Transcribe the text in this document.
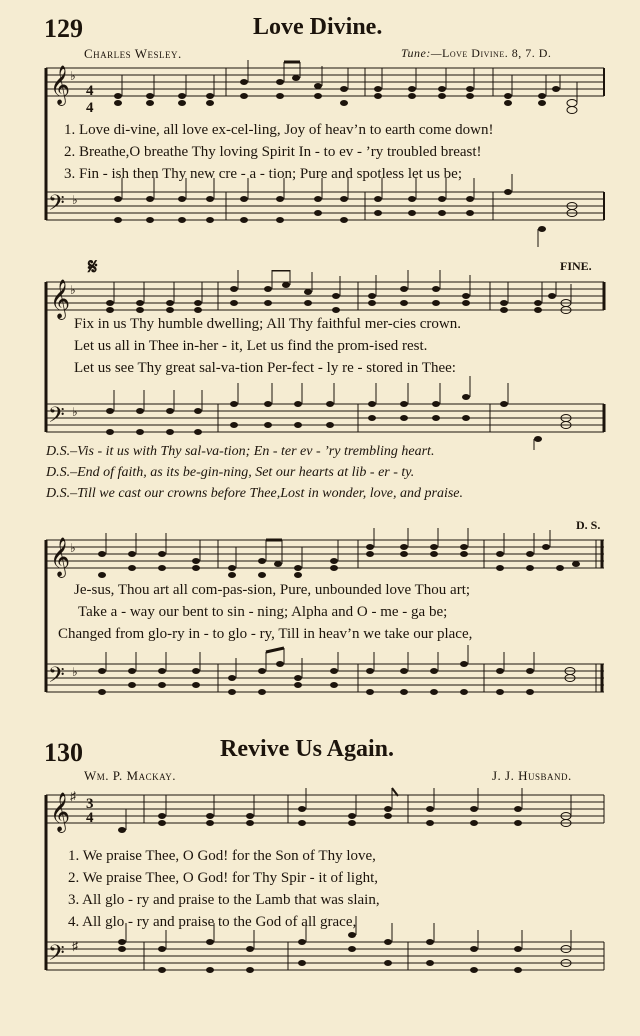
129	Love Divine.
Charles Wesley.	Tune:—Love Divine. 8, 7. D.
𝄞
𝄢
♭
♭
4
4
1. Love di-vine, all love ex-cel-ling, Joy of heav’n to earth come down!
2. Breathe,O breathe Thy loving Spirit In - to ev - ’ry troubled breast!
3. Fin - ish then Thy new cre - a - tion; Pure and spotless let us be;
𝄋	FINE.
𝄞
𝄢
♭
♭
Fix in us Thy humble dwelling; All Thy faithful mer-cies crown.
Let us all in Thee in-her - it, Let us find the prom-ised rest.
Let us see Thy great sal-va-tion Per-fect - ly re - stored in Thee:
D.S.–Vis - it us with Thy sal-va-tion; En - ter ev - ’ry trembling heart.
D.S.–End of faith, as its be-gin-ning, Set our hearts at lib - er - ty.
D.S.–Till we cast our crowns before Thee,Lost in wonder, love, and praise.
D. S.
𝄞
𝄢
♭
♭
Je-sus, Thou art all com-pas-sion, Pure, unbounded love Thou art;
Take a - way our bent to sin - ning; Alpha and O - me - ga be;
Changed from glo-ry in - to glo - ry, Till in heav’n we take our place,
130	Revive Us Again.
Wm. P. Mackay.	J. J. Husband.
𝄞
𝄢
♯
♯
3
4
1. We praise Thee, O God! for the Son of Thy love,
2. We praise Thee, O God! for Thy Spir - it of light,
3. All glo - ry and praise to the Lamb that was slain,
4. All glo - ry and praise to the God of all grace,
